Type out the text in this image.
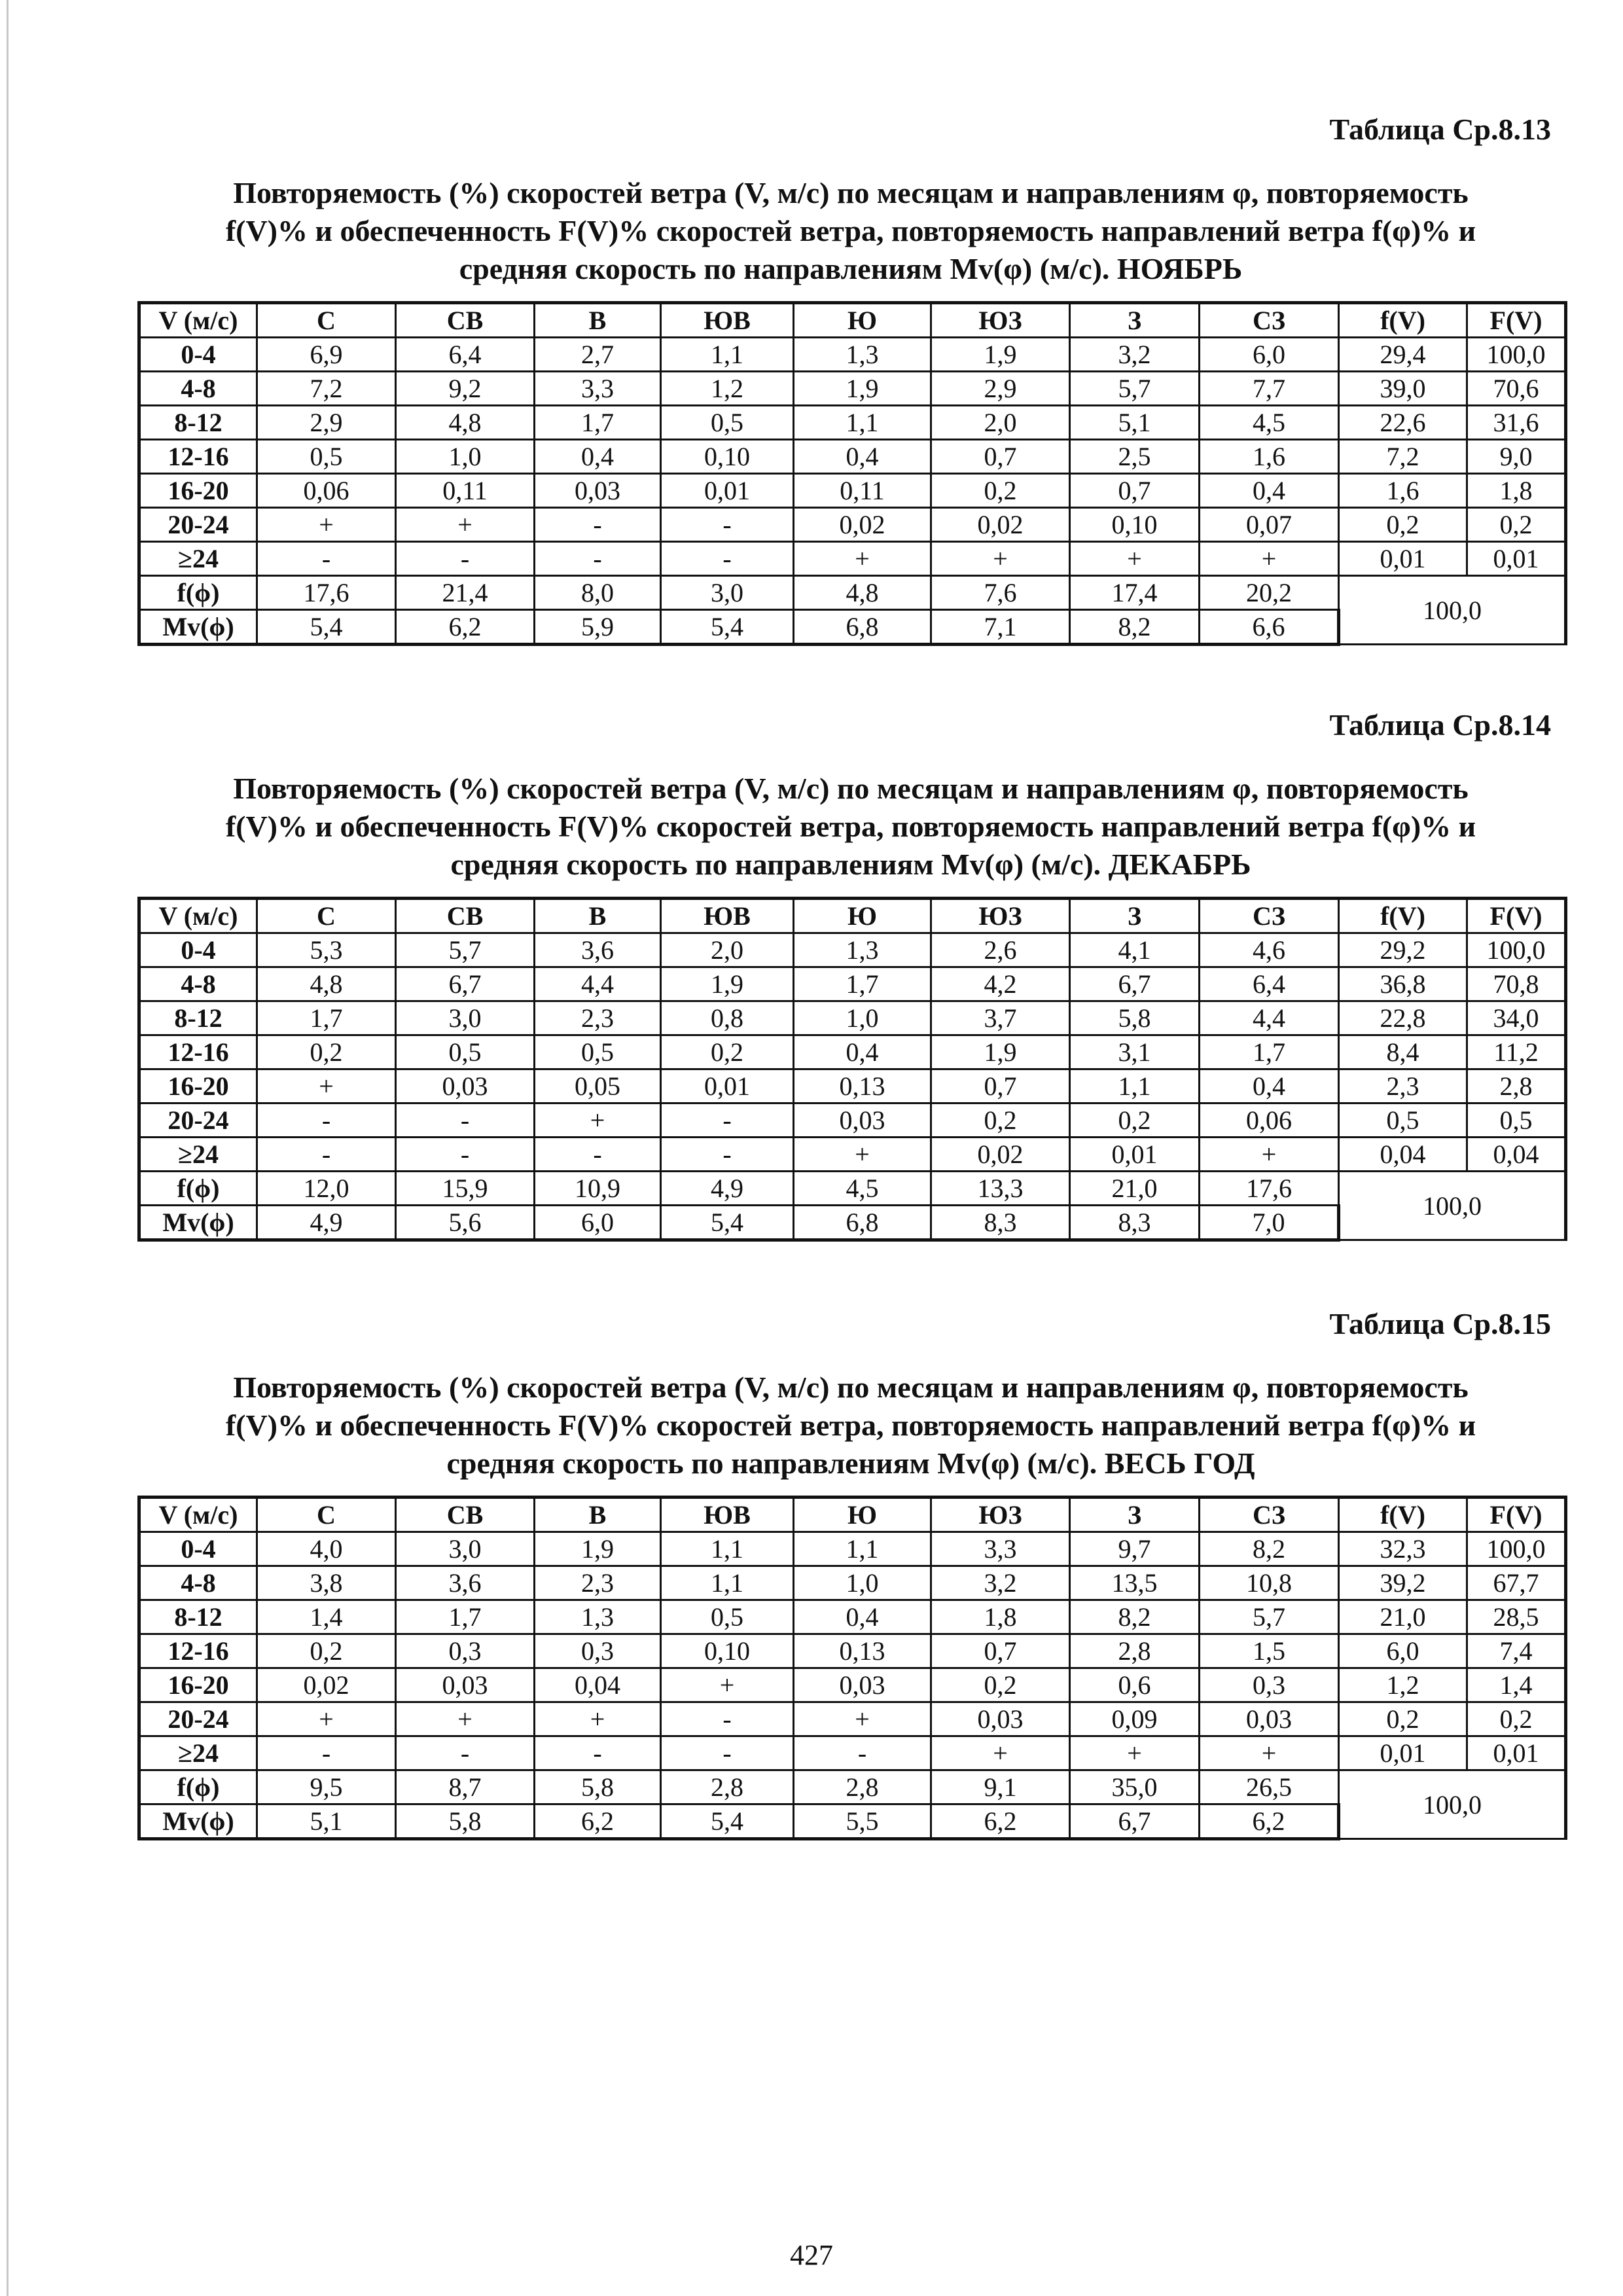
Таблица Ср.8.13
Повторяемость (%) скоростей ветра (V, м/с) по месяцам и направлениям φ, повторяемость
f(V)% и обеспеченность F(V)% скоростей ветра, повторяемость направлений ветра f(φ)% и
средняя скорость по направлениям Mv(φ) (м/с). НОЯБРЬ
V (м/с)	С	СВ	В	ЮВ	Ю	ЮЗ	З	СЗ	f(V)	F(V)
0-4	6,9	6,4	2,7	1,1	1,3	1,9	3,2	6,0	29,4	100,0
4-8	7,2	9,2	3,3	1,2	1,9	2,9	5,7	7,7	39,0	70,6
8-12	2,9	4,8	1,7	0,5	1,1	2,0	5,1	4,5	22,6	31,6
12-16	0,5	1,0	0,4	0,10	0,4	0,7	2,5	1,6	7,2	9,0
16-20	0,06	0,11	0,03	0,01	0,11	0,2	0,7	0,4	1,6	1,8
20-24	+	+	-	-	0,02	0,02	0,10	0,07	0,2	0,2
≥24	-	-	-	-	+	+	+	+	0,01	0,01
f(ϕ)	17,6	21,4	8,0	3,0	4,8	7,6	17,4	20,2	100,0	
Mv(ϕ)	5,4	6,2	5,9	5,4	6,8	7,1	8,2	6,6		
Таблица Ср.8.14
Повторяемость (%) скоростей ветра (V, м/с) по месяцам и направлениям φ, повторяемость
f(V)% и обеспеченность F(V)% скоростей ветра, повторяемость направлений ветра f(φ)% и
средняя скорость по направлениям Mv(φ) (м/с). ДЕКАБРЬ
V (м/с)	С	СВ	В	ЮВ	Ю	ЮЗ	З	СЗ	f(V)	F(V)
0-4	5,3	5,7	3,6	2,0	1,3	2,6	4,1	4,6	29,2	100,0
4-8	4,8	6,7	4,4	1,9	1,7	4,2	6,7	6,4	36,8	70,8
8-12	1,7	3,0	2,3	0,8	1,0	3,7	5,8	4,4	22,8	34,0
12-16	0,2	0,5	0,5	0,2	0,4	1,9	3,1	1,7	8,4	11,2
16-20	+	0,03	0,05	0,01	0,13	0,7	1,1	0,4	2,3	2,8
20-24	-	-	+	-	0,03	0,2	0,2	0,06	0,5	0,5
≥24	-	-	-	-	+	0,02	0,01	+	0,04	0,04
f(ϕ)	12,0	15,9	10,9	4,9	4,5	13,3	21,0	17,6	100,0	
Mv(ϕ)	4,9	5,6	6,0	5,4	6,8	8,3	8,3	7,0		
Таблица Ср.8.15
Повторяемость (%) скоростей ветра (V, м/с) по месяцам и направлениям φ, повторяемость
f(V)% и обеспеченность F(V)% скоростей ветра, повторяемость направлений ветра f(φ)% и
средняя скорость по направлениям Mv(φ) (м/с). ВЕСЬ ГОД
V (м/с)	С	СВ	В	ЮВ	Ю	ЮЗ	З	СЗ	f(V)	F(V)
0-4	4,0	3,0	1,9	1,1	1,1	3,3	9,7	8,2	32,3	100,0
4-8	3,8	3,6	2,3	1,1	1,0	3,2	13,5	10,8	39,2	67,7
8-12	1,4	1,7	1,3	0,5	0,4	1,8	8,2	5,7	21,0	28,5
12-16	0,2	0,3	0,3	0,10	0,13	0,7	2,8	1,5	6,0	7,4
16-20	0,02	0,03	0,04	+	0,03	0,2	0,6	0,3	1,2	1,4
20-24	+	+	+	-	+	0,03	0,09	0,03	0,2	0,2
≥24	-	-	-	-	-	+	+	+	0,01	0,01
f(ϕ)	9,5	8,7	5,8	2,8	2,8	9,1	35,0	26,5	100,0	
Mv(ϕ)	5,1	5,8	6,2	5,4	5,5	6,2	6,7	6,2		
427
